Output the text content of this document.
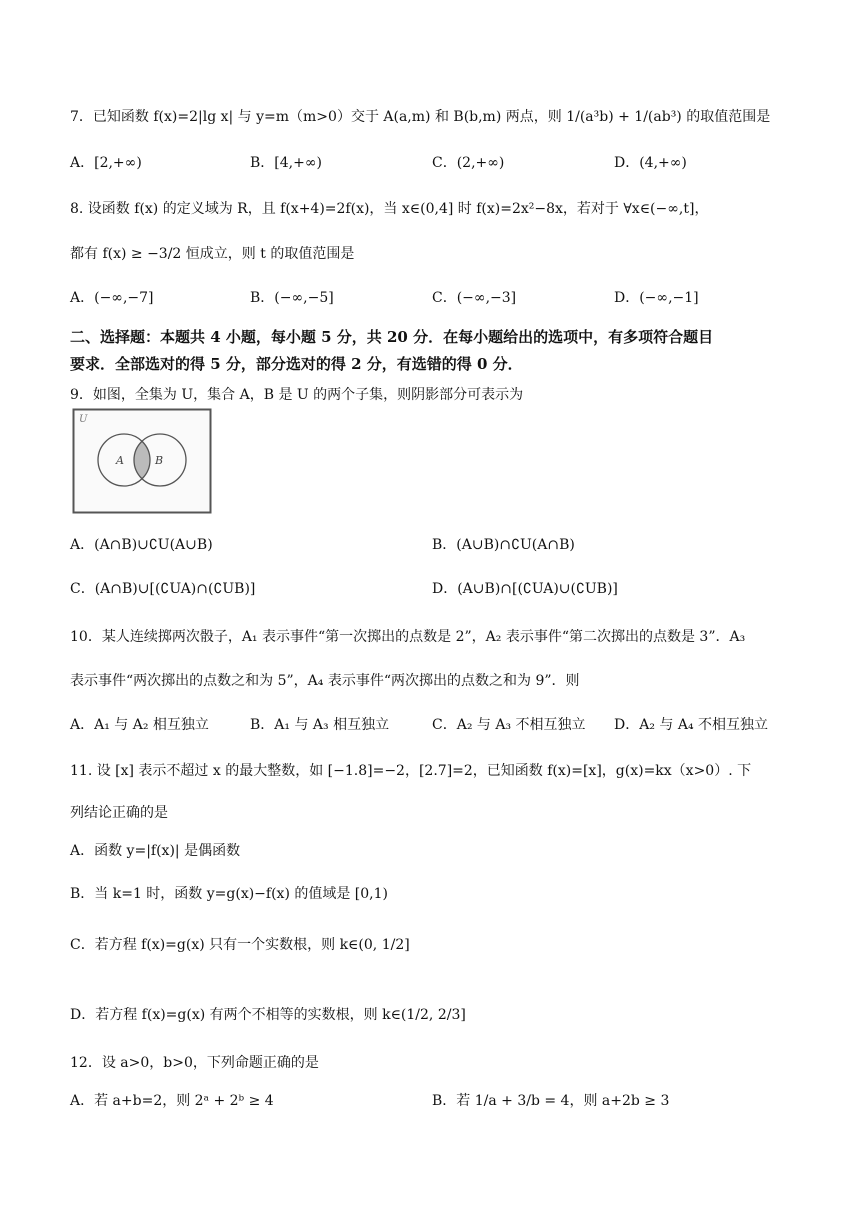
7．已知函数 f(x)=2|lg x| 与 y=m（m>0）交于 A(a,m) 和 B(b,m) 两点，则 1/(a³b) + 1/(ab³) 的取值范围是
A．[2,+∞)	B．[4,+∞)	C．(2,+∞)	D．(4,+∞)
8. 设函数 f(x) 的定义域为 R，且 f(x+4)=2f(x)，当 x∈(0,4] 时 f(x)=2x²−8x，若对于 ∀x∈(−∞,t]，
都有 f(x) ≥ −3/2 恒成立，则 t 的取值范围是
A．(−∞,−7]	B．(−∞,−5]	C．(−∞,−3]	D．(−∞,−1]
二、选择题：本题共 4 小题，每小题 5 分，共 20 分．在每小题给出的选项中，有多项符合题目
要求．全部选对的得 5 分，部分选对的得 2 分，有选错的得 0 分．
9．如图，全集为 U，集合 A，B 是 U 的两个子集，则阴影部分可表示为
U
A	B
A．(A∩B)∪∁U(A∪B)	B．(A∪B)∩∁U(A∩B)
C．(A∩B)∪[(∁UA)∩(∁UB)]	D．(A∪B)∩[(∁UA)∪(∁UB)]
10．某人连续掷两次骰子，A₁ 表示事件“第一次掷出的点数是 2”，A₂ 表示事件“第二次掷出的点数是 3”．A₃
表示事件“两次掷出的点数之和为 5”，A₄ 表示事件“两次掷出的点数之和为 9”．则
A．A₁ 与 A₂ 相互独立	B．A₁ 与 A₃ 相互独立	C．A₂ 与 A₃ 不相互独立 D．A₂ 与 A₄ 不相互独立
11. 设 [x] 表示不超过 x 的最大整数，如 [−1.8]=−2，[2.7]=2，已知函数 f(x)=[x]，g(x)=kx（x>0）. 下
列结论正确的是
A．函数 y=|f(x)| 是偶函数
B．当 k=1 时，函数 y=g(x)−f(x) 的值域是 [0,1)
C．若方程 f(x)=g(x) 只有一个实数根，则 k∈(0, 1/2]
D．若方程 f(x)=g(x) 有两个不相等的实数根，则 k∈(1/2, 2/3]
12．设 a>0，b>0，下列命题正确的是
A．若 a+b=2，则 2ᵃ + 2ᵇ ≥ 4	B．若 1/a + 3/b = 4，则 a+2b ≥ 3
